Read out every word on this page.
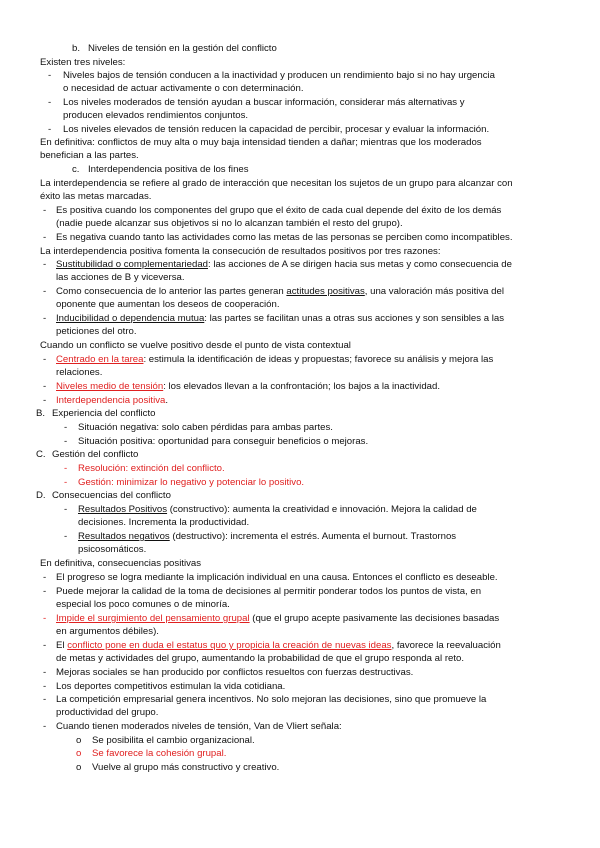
b. Niveles de tensión en la gestión del conflicto
Existen tres niveles:
- Niveles bajos de tensión conducen a la inactividad y producen un rendimiento bajo si no hay urgencia
o necesidad de actuar activamente o con determinación.
- Los niveles moderados de tensión ayudan a buscar información, considerar más alternativas y
producen elevados rendimientos conjuntos.
- Los niveles elevados de tensión reducen la capacidad de percibir, procesar y evaluar la información.
En definitiva: conflictos de muy alta o muy baja intensidad tienden a dañar; mientras que los moderados
benefician a las partes.
c. Interdependencia positiva de los fines
La interdependencia se refiere al grado de interacción que necesitan los sujetos de un grupo para alcanzar con
éxito las metas marcadas.
- Es positiva cuando los componentes del grupo que el éxito de cada cual depende del éxito de los demás
(nadie puede alcanzar sus objetivos si no lo alcanzan también el resto del grupo).
- Es negativa cuando tanto las actividades como las metas de las personas se perciben como incompatibles.
La interdependencia positiva fomenta la consecución de resultados positivos por tres razones:
- Sustitubilidad o complementariedad: las acciones de A se dirigen hacia sus metas y como consecuencia de
las acciones de B y viceversa.
- Como consecuencia de lo anterior las partes generan actitudes positivas, una valoración más positiva del
oponente que aumentan los deseos de cooperación.
- Inducibilidad o dependencia mutua: las partes se facilitan unas a otras sus acciones y son sensibles a las
peticiones del otro.
Cuando un conflicto se vuelve positivo desde el punto de vista contextual
- Centrado en la tarea: estimula la identificación de ideas y propuestas; favorece su análisis y mejora las
relaciones.
- Niveles medio de tensión: los elevados llevan a la confrontación; los bajos a la inactividad.
- Interdependencia positiva.
B. Experiencia del conflicto
- Situación negativa: solo caben pérdidas para ambas partes.
- Situación positiva: oportunidad para conseguir beneficios o mejoras.
C. Gestión del conflicto
- Resolución: extinción del conflicto.
- Gestión: minimizar lo negativo y potenciar lo positivo.
D. Consecuencias del conflicto
- Resultados Positivos (constructivo): aumenta la creatividad e innovación. Mejora la calidad de
decisiones. Incrementa la productividad.
- Resultados negativos (destructivo): incrementa el estrés. Aumenta el burnout. Trastornos
psicosomáticos.
En definitiva, consecuencias positivas
- El progreso se logra mediante la implicación individual en una causa. Entonces el conflicto es deseable.
- Puede mejorar la calidad de la toma de decisiones al permitir ponderar todos los puntos de vista, en
especial los poco comunes o de minoría.
- Impide el surgimiento del pensamiento grupal (que el grupo acepte pasivamente las decisiones basadas
en argumentos débiles).
- El conflicto pone en duda el estatus quo y propicia la creación de nuevas ideas, favorece la reevaluación
de metas y actividades del grupo, aumentando la probabilidad de que el grupo responda al reto.
- Mejoras sociales se han producido por conflictos resueltos con fuerzas destructivas.
- Los deportes competitivos estimulan la vida cotidiana.
- La competición empresarial genera incentivos. No solo mejoran las decisiones, sino que promueve la
productividad del grupo.
- Cuando tienen moderados niveles de tensión, Van de Vliert señala:
o Se posibilita el cambio organizacional.
o Se favorece la cohesión grupal.
o Vuelve al grupo más constructivo y creativo.
